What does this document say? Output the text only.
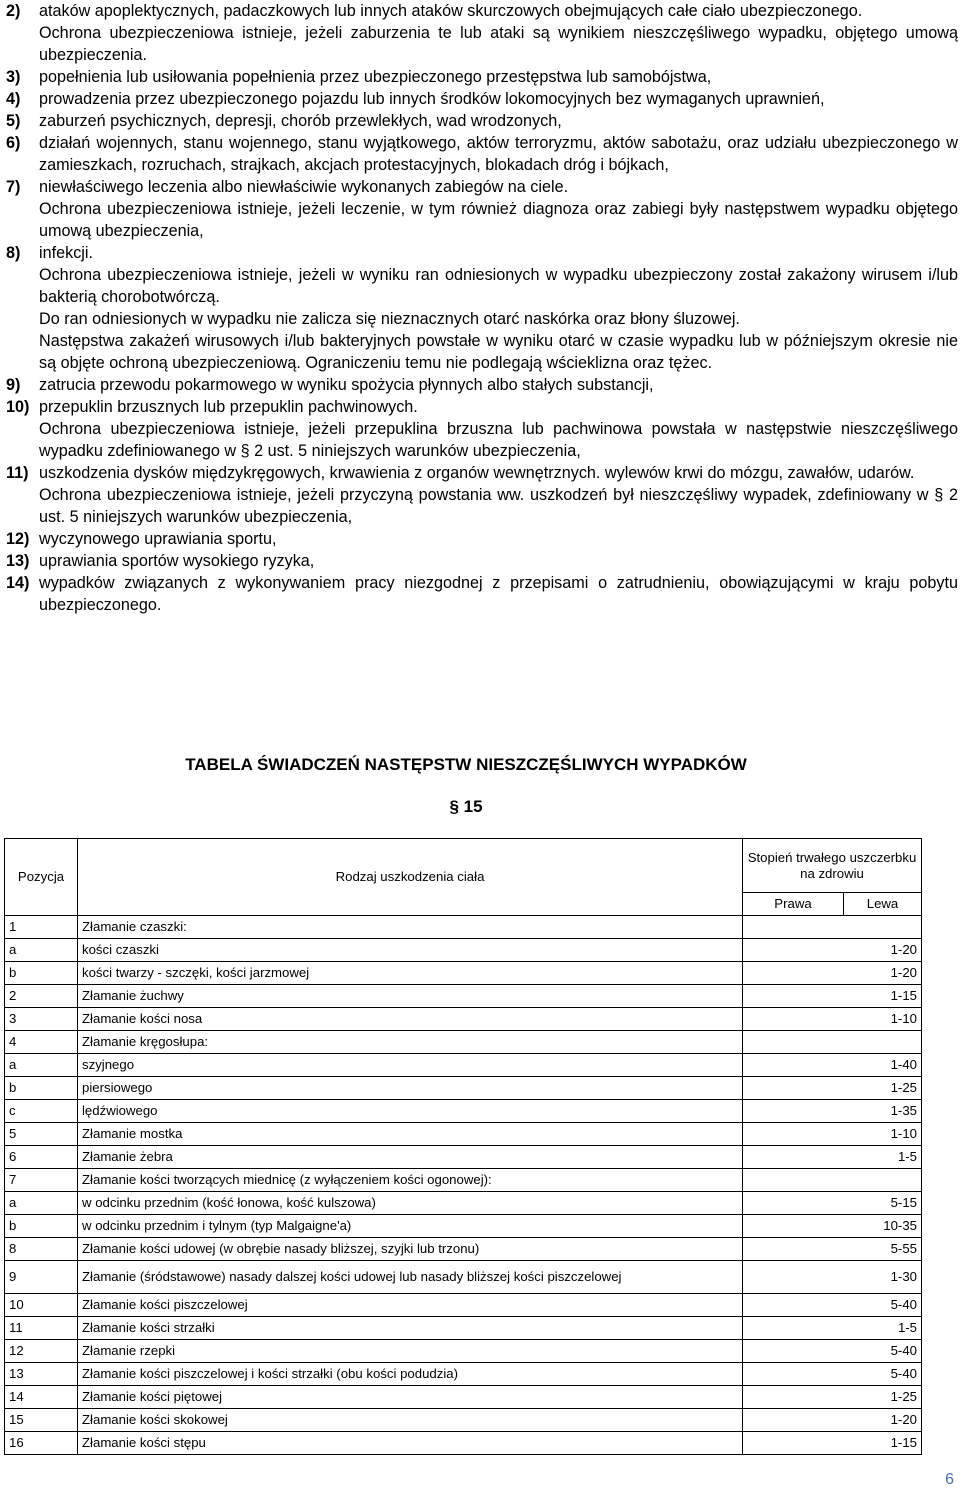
2) ataków apoplektycznych, padaczkowych lub innych ataków skurczowych obejmujących całe ciało ubezpieczonego.
Ochrona ubezpieczeniowa istnieje, jeżeli zaburzenia te lub ataki są wynikiem nieszczęśliwego wypadku, objętego umową ubezpieczenia.
3) popełnienia lub usiłowania popełnienia przez ubezpieczonego przestępstwa lub samobójstwa,
4) prowadzenia przez ubezpieczonego pojazdu lub innych środków lokomocyjnych bez wymaganych uprawnień,
5) zaburzeń psychicznych, depresji, chorób przewlekłych, wad wrodzonych,
6) działań wojennych, stanu wojennego, stanu wyjątkowego, aktów terroryzmu, aktów sabotażu, oraz udziału ubezpieczonego w zamieszkach, rozruchach, strajkach, akcjach protestacyjnych, blokadach dróg i bójkach,
7) niewłaściwego leczenia albo niewłaściwie wykonanych zabiegów na ciele.
Ochrona ubezpieczeniowa istnieje, jeżeli leczenie, w tym również diagnoza oraz zabiegi były następstwem wypadku objętego umową ubezpieczenia,
8) infekcji.
Ochrona ubezpieczeniowa istnieje, jeżeli w wyniku ran odniesionych w wypadku ubezpieczony został zakażony wirusem i/lub bakterią chorobotwórczą.
Do ran odniesionych w wypadku nie zalicza się nieznacznych otarć naskórka oraz błony śluzowej.
Następstwa zakażeń wirusowych i/lub bakteryjnych powstałe w wyniku otarć w czasie wypadku lub w późniejszym okresie nie są objęte ochroną ubezpieczeniową. Ograniczeniu temu nie podlegają wścieklizna oraz tężec.
9) zatrucia przewodu pokarmowego w wyniku spożycia płynnych albo stałych substancji,
10) przepuklin brzusznych lub przepuklin pachwinowych.
Ochrona ubezpieczeniowa istnieje, jeżeli przepuklina brzuszna lub pachwinowa powstała w następstwie nieszczęśliwego wypadku zdefiniowanego w § 2 ust. 5 niniejszych warunków ubezpieczenia,
11) uszkodzenia dysków międzykręgowych, krwawienia z organów wewnętrznych. wylewów krwi do mózgu, zawałów, udarów.
Ochrona ubezpieczeniowa istnieje, jeżeli przyczyną powstania ww. uszkodzeń był nieszczęśliwy wypadek, zdefiniowany w § 2 ust. 5 niniejszych warunków ubezpieczenia,
12) wyczynowego uprawiania sportu,
13) uprawiania sportów wysokiego ryzyka,
14) wypadków związanych z wykonywaniem pracy niezgodnej z przepisami o zatrudnieniu, obowiązującymi w kraju pobytu ubezpieczonego.
TABELA ŚWIADCZEŃ NASTĘPSTW NIESZCZĘŚLIWYCH WYPADKÓW
§ 15
Pozycja	Rodzaj uszkodzenia ciała	Stopień trwałego uszczerbku na zdrowiu	
		Prawa	Lewa
1	Złamanie czaszki:		
a	kości czaszki	1-20	
b	kości twarzy - szczęki, kości jarzmowej	1-20	
2	Złamanie żuchwy	1-15	
3	Złamanie kości nosa	1-10	
4	Złamanie kręgosłupa:		
a	szyjnego	1-40	
b	piersiowego	1-25	
c	lędźwiowego	1-35	
5	Złamanie mostka	1-10	
6	Złamanie żebra	1-5	
7	Złamanie kości tworzących miednicę (z wyłączeniem kości ogonowej):		
a	w odcinku przednim (kość łonowa, kość kulszowa)	5-15	
b	w odcinku przednim i tylnym (typ Malgaigne'a)	10-35	
8	Złamanie kości udowej (w obrębie nasady bliższej, szyjki lub trzonu)	5-55	
9	Złamanie (śródstawowe) nasady dalszej kości udowej lub nasady bliższej kości piszczelowej	1-30	
10	Złamanie kości piszczelowej	5-40	
11	Złamanie kości strzałki	1-5	
12	Złamanie rzepki	5-40	
13	Złamanie kości piszczelowej i kości strzałki (obu kości podudzia)	5-40	
14	Złamanie kości piętowej	1-25	
15	Złamanie kości skokowej	1-20	
16	Złamanie kości stępu	1-15	
6
